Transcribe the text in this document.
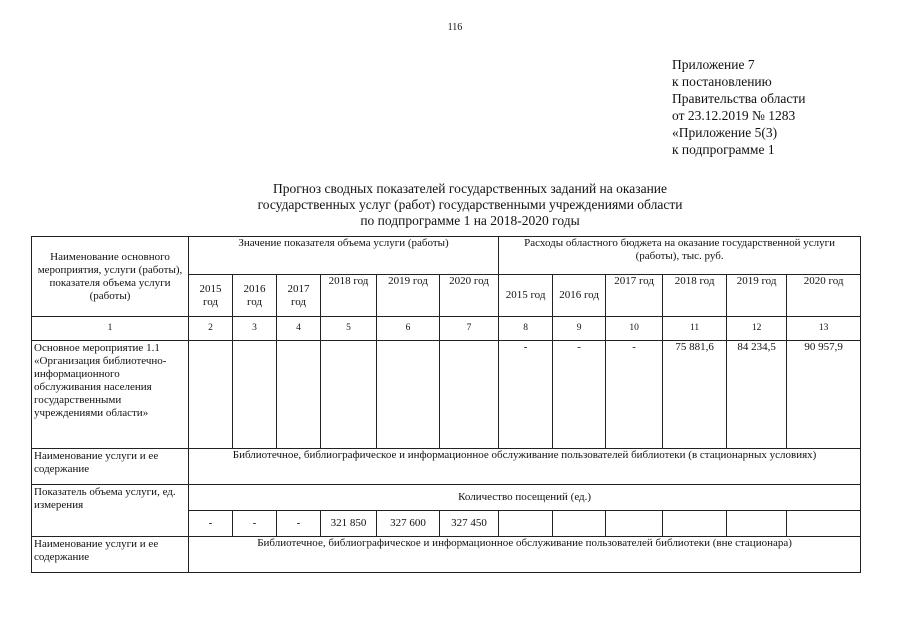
116
Приложение 7
к постановлению
Правительства области
от 23.12.2019 № 1283
«Приложение 5(3)
к подпрограмме 1
Прогноз сводных показателей государственных заданий на оказание
государственных услуг (работ) государственными учреждениями области
по подпрограмме 1 на 2018-2020 годы
Наименование основного мероприятия, услуги (работы), показателя объема услуги (работы)	Значение показателя объема услуги (работы)						Расходы областного бюджета на оказание государственной услуги (работы), тыс. руб.					
	2015 год	2016 год	2017 год	2018 год	2019 год	2020 год	2015 год	2016 год	2017 год	2018 год	2019 год	2020 год
1	2	3	4	5	6	7	8	9	10	11	12	13
Основное мероприятие 1.1 «Организация библиотечно-информационного обслуживания населения государственными учреждениями области»							-	-	-	75 881,6	84 234,5	90 957,9
Наименование услуги и ее содержание	Библиотечное, библиографическое и информационное обслуживание пользователей библиотеки (в стационарных условиях)											
Показатель объема услуги, ед. измерения	Количество посещений (ед.)											
	-	-	-	321 850	327 600	327 450						
Наименование услуги и ее содержание	Библиотечное, библиографическое и информационное обслуживание пользователей библиотеки (вне стационара)											
